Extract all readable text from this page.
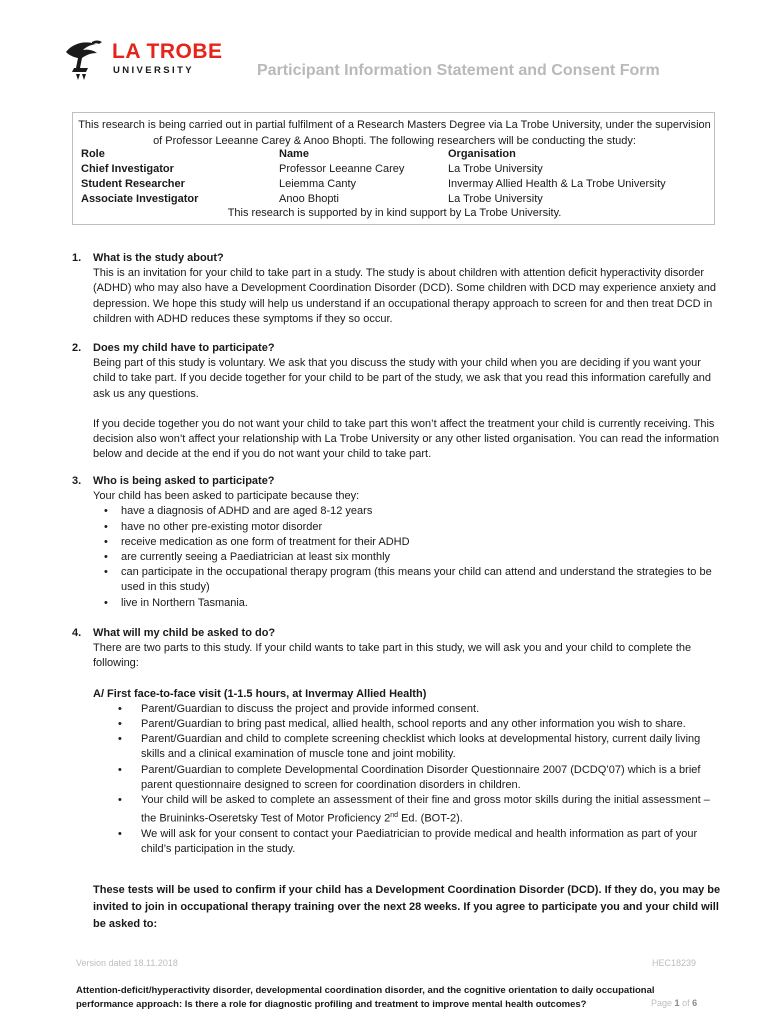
LA TROBE
UNIVERSITY	Participant Information Statement and Consent Form
This research is being carried out in partial fulfilment of a Research Masters Degree via La Trobe University, under the supervision of Professor Leeanne Carey & Anoo Bhopti. The following researchers will be conducting the study:
Role	Name	Organisation
Chief Investigator	Professor Leeanne Carey	La Trobe University
Student Researcher	Leiemma Canty	Invermay Allied Health & La Trobe University
Associate Investigator	Anoo Bhopti	La Trobe University
This research is supported by in kind support by La Trobe University.
1. What is the study about?

This is an invitation for your child to take part in a study. The study is about children with attention deficit hyperactivity disorder (ADHD) who may also have a Development Coordination Disorder (DCD). Some children with DCD may experience anxiety and depression. We hope this study will help us understand if an occupational therapy approach to screen for and then treat DCD in children with ADHD reduces these symptoms if they so occur.

2. Does my child have to participate?

Being part of this study is voluntary. We ask that you discuss the study with your child when you are deciding if you want your child to take part. If you decide together for your child to be part of the study, we ask that you read this information carefully and ask us any questions.

If you decide together you do not want your child to take part this won’t affect the treatment your child is currently receiving. This decision also won’t affect your relationship with La Trobe University or any other listed organisation. You can read the information below and decide at the end if you do not want your child to take part.

3. Who is being asked to participate?

Your child has been asked to participate because they:

• have a diagnosis of ADHD and are aged 8-12 years
• have no other pre-existing motor disorder
• receive medication as one form of treatment for their ADHD
• are currently seeing a Paediatrician at least six monthly
• can participate in the occupational therapy program (this means your child can attend and understand the strategies to be used in this study)
• live in Northern Tasmania.
4. What will my child be asked to do?

There are two parts to this study. If your child wants to take part in this study, we will ask you and your child to complete the following:

A/ First face-to-face visit (1-1.5 hours, at Invermay Allied Health)
• Parent/Guardian to discuss the project and provide informed consent.
• Parent/Guardian to bring past medical, allied health, school reports and any other information you wish to share.
• Parent/Guardian and child to complete screening checklist which looks at developmental history, current daily living skills and a clinical examination of muscle tone and joint mobility.
• Parent/Guardian to complete Developmental Coordination Disorder Questionnaire 2007 (DCDQ’07) which is a brief parent questionnaire designed to screen for coordination disorders in children.
• Your child will be asked to complete an assessment of their fine and gross motor skills during the initial assessment – the Bruininks-Oseretsky Test of Motor Proficiency 2nd Ed. (BOT-2).
• We will ask for your consent to contact your Paediatrician to provide medical and health information as part of your child’s participation in the study.
These tests will be used to confirm if your child has a Development Coordination Disorder (DCD). If they do, you may be invited to join in occupational therapy training over the next 28 weeks. If you agree to participate you and your child will be asked to:
Version dated 18.11.2018	HEC18239
Attention-deficit/hyperactivity disorder, developmental coordination disorder, and the cognitive orientation to daily occupational performance approach: Is there a role for diagnostic profiling and treatment to improve mental health outcomes?	Page 1 of 6
